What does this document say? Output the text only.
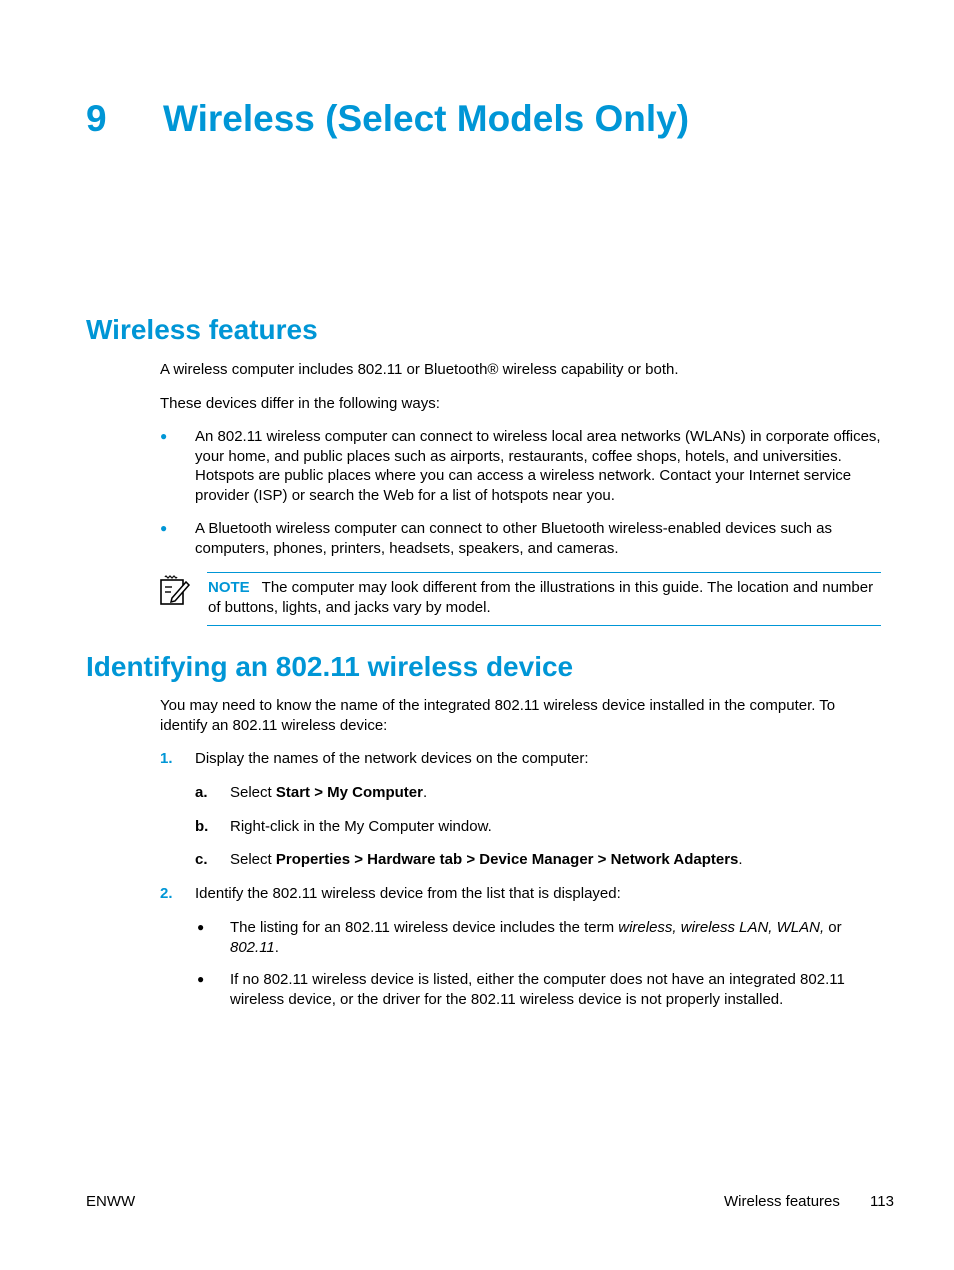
9 Wireless (Select Models Only)
Wireless features

A wireless computer includes 802.11 or Bluetooth® wireless capability or both.

These devices differ in the following ways:

● An 802.11 wireless computer can connect to wireless local area networks (WLANs) in corporate offices, your home, and public places such as airports, restaurants, coffee shops, hotels, and universities. Hotspots are public places where you can access a wireless network. Contact your Internet service provider (ISP) or search the Web for a list of hotspots near you.

● A Bluetooth wireless computer can connect to other Bluetooth wireless-enabled devices such as computers, phones, printers, headsets, speakers, and cameras.

NOTE The computer may look different from the illustrations in this guide. The location and number of buttons, lights, and jacks vary by model.

Identifying an 802.11 wireless device

You may need to know the name of the integrated 802.11 wireless device installed in the computer. To identify an 802.11 wireless device:

1. Display the names of the network devices on the computer:

a. Select Start > My Computer.

b. Right-click in the My Computer window.

c. Select Properties > Hardware tab > Device Manager > Network Adapters.

2. Identify the 802.11 wireless device from the list that is displayed:

● The listing for an 802.11 wireless device includes the term wireless, wireless LAN, WLAN, or 802.11.

● If no 802.11 wireless device is listed, either the computer does not have an integrated 802.11 wireless device, or the driver for the 802.11 wireless device is not properly installed.

ENWW	Wireless features 113
